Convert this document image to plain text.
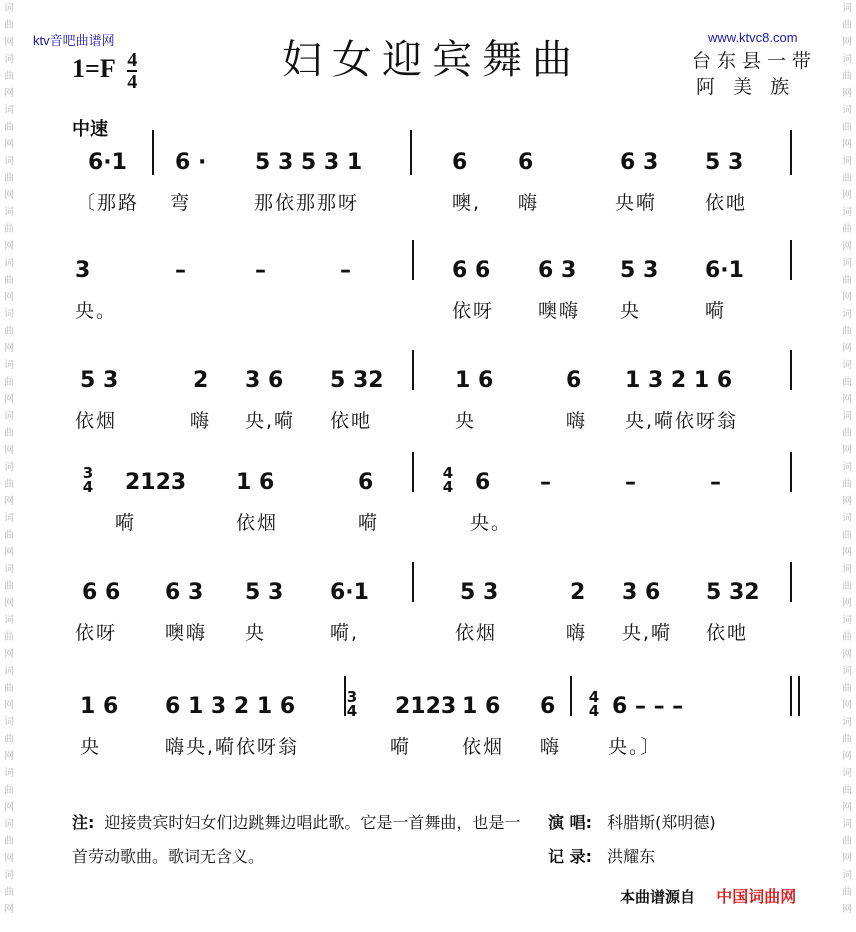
词曲网
词曲网
词曲网
词曲网
词曲网
词曲网
词曲网
词曲网
词曲网
词曲网
词曲网
词曲网
词曲网
词曲网
词曲网
词曲网
词曲网
词曲网

词曲网
词曲网
词曲网
词曲网
词曲网
词曲网
词曲网
词曲网
词曲网
词曲网
词曲网
词曲网
词曲网
词曲网
词曲网
词曲网
词曲网
词曲网

ktv音吧曲谱网	www.ktvc8.com
妇女迎宾舞曲
$1=F \frac{4}{4}$	台东县一带
阿 美 族
中速
6·1 6 · 5 3 5 3 1	6 6	6 3 5 3
〔那路 弯	那依那那呀	噢, 嗨	央嗬	依吔
3	–	–	–	6 6 6 3 5 3 6·1
央。	依呀 噢嗨 央	嗬
5 3	2 3 6 5 32	1 6	6 1 3 2 1 6
依烟	嗨 央,嗬 依吔	央	嗨 央,嗬依呀翁
3
4 2123 1 6	6	4
4 6 –	–	–
嗬	依烟	嗬	央。
6 6 6 3 5 3 6·1	5 3	2 3 6 5 32
依呀	噢嗨 央	嗬,	依烟	嗨 央,嗬 依吔
1 6 6 1 3 2 1 6	3
4 2123 1 6 6 4
4 6 – – –
央	嗨央,嗬依呀翁	嗬	依烟 嗨 央。〕
注: 迎接贵宾时妇女们边跳舞边唱此歌。它是一首舞曲，也是一首劳动歌曲。歌词无含义。
演 唱: 科腊斯(郑明德)
记 录: 洪耀东
本曲谱源自 中国词曲网
